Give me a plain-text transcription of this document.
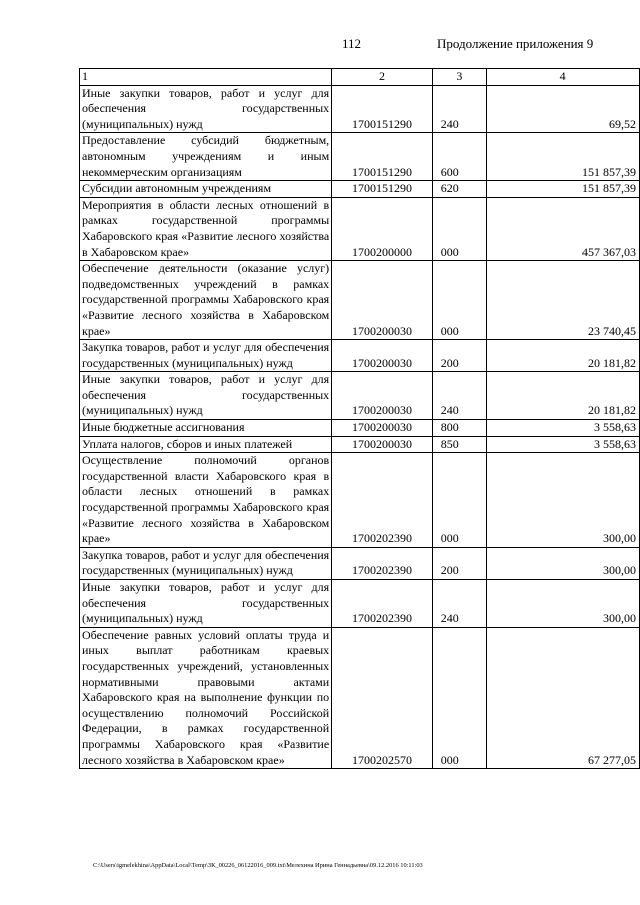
112	Продолжение приложения 9
1	2	3	4
Иные закупки товаров, работ и услуг для обеспечения государственных (муниципальных) нужд	1700151290	240	69,52
Предоставление субсидий бюджетным, автономным учреждениям и иным некоммерческим организациям	1700151290	600	151 857,39
Субсидии автономным учреждениям	1700151290	620	151 857,39
Мероприятия в области лесных отношений в рамках государственной программы Хабаровского края «Развитие лесного хозяйства в Хабаровском крае»	1700200000	000	457 367,03
Обеспечение деятельности (оказание услуг) подведомственных учреждений в рамках государственной программы Хабаровского края «Развитие лесного хозяйства в Хабаровском крае»	1700200030	000	23 740,45
Закупка товаров, работ и услуг для обеспечения государственных (муниципальных) нужд	1700200030	200	20 181,82
Иные закупки товаров, работ и услуг для обеспечения государственных (муниципальных) нужд	1700200030	240	20 181,82
Иные бюджетные ассигнования	1700200030	800	3 558,63
Уплата налогов, сборов и иных платежей	1700200030	850	3 558,63
Осуществление полномочий органов государственной власти Хабаровского края в области лесных отношений в рамках государственной программы Хабаровского края «Развитие лесного хозяйства в Хабаровском крае»	1700202390	000	300,00
Закупка товаров, работ и услуг для обеспечения государственных (муниципальных) нужд	1700202390	200	300,00
Иные закупки товаров, работ и услуг для обеспечения государственных (муниципальных) нужд	1700202390	240	300,00
Обеспечение равных условий оплаты труда и иных выплат работникам краевых государственных учреждений, установленных нормативными правовыми актами Хабаровского края на выполнение функции по осуществлению полномочий Российской Федерации, в рамках государственной программы Хабаровского края «Развитие лесного хозяйства в Хабаровском крае»	1700202570	000	67 277,05
C:\Users\igmelekhina\AppData\Local\Temp\ЗК_00226_06122016_009.txt\Мелехина Ирина Геннадьевна\09.12.2016 10:11:03
